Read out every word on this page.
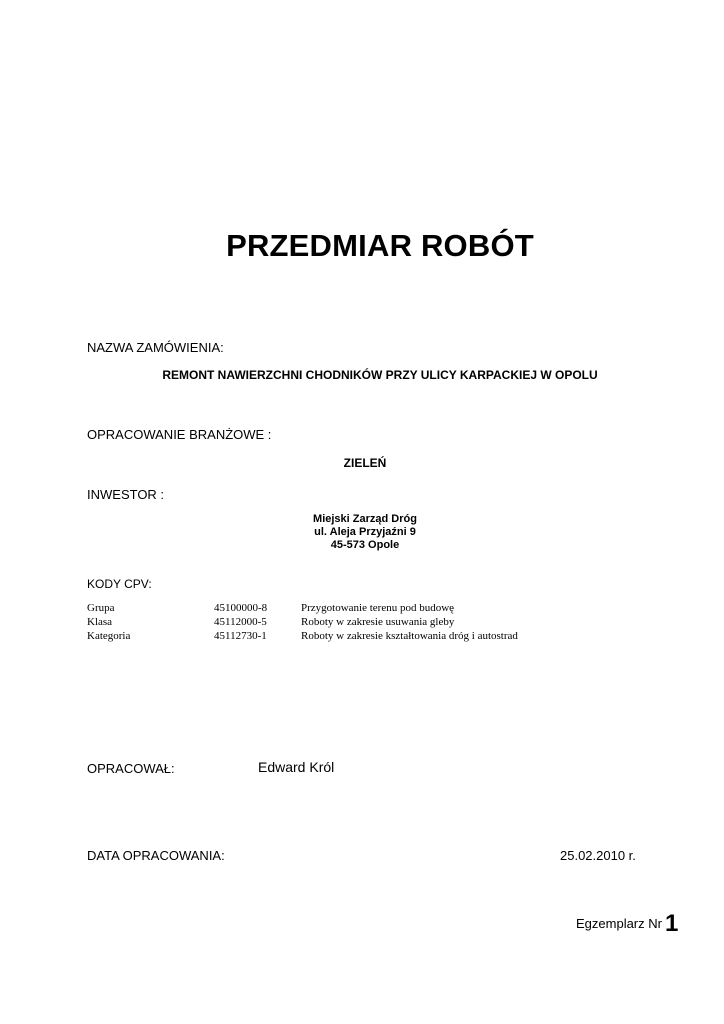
PRZEDMIAR ROBÓT
NAZWA ZAMÓWIENIA:
REMONT NAWIERZCHNI CHODNIKÓW PRZY ULICY KARPACKIEJ W OPOLU
OPRACOWANIE BRANŻOWE :
ZIELEŃ
INWESTOR :
Miejski Zarząd Dróg
ul. Aleja Przyjaźni 9
45-573 Opole
KODY CPV:
Grupa	45100000-8	Przygotowanie terenu pod budowę
Klasa	45112000-5	Roboty w zakresie usuwania gleby
Kategoria	45112730-1	Roboty w zakresie kształtowania dróg i autostrad
OPRACOWAŁ:	Edward Król
DATA OPRACOWANIA:	25.02.2010 r.
Egzemplarz Nr 1
